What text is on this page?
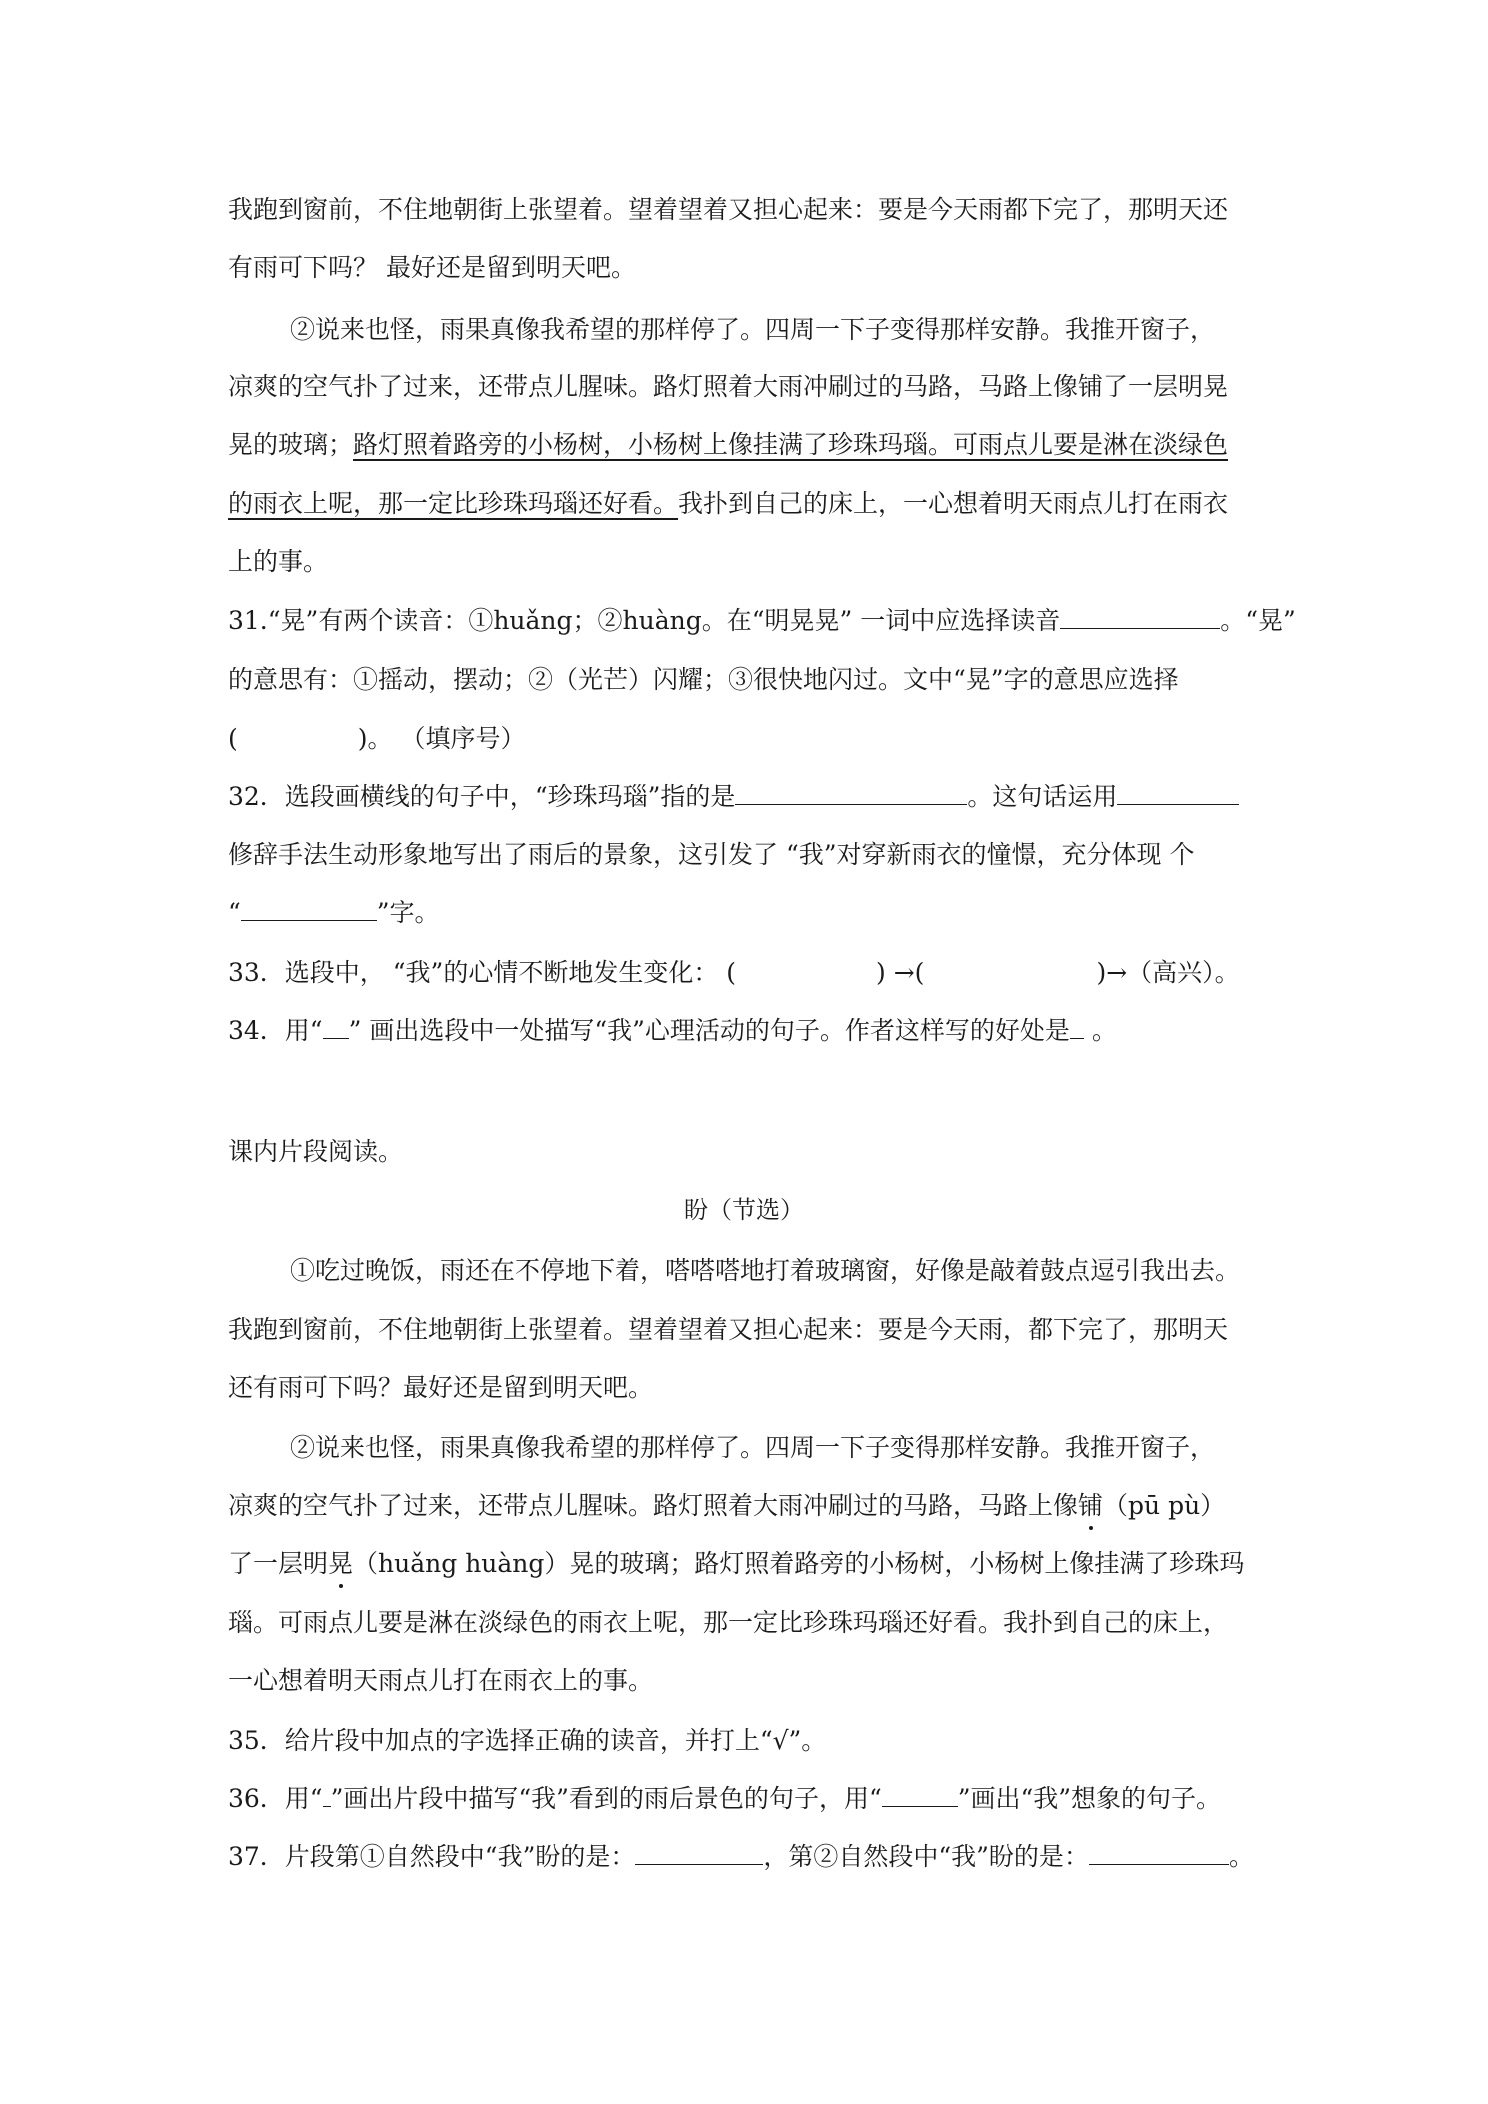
我跑到窗前，不住地朝街上张望着。望着望着又担心起来：要是今天雨都下完了，那明天还
有雨可下吗？ 最好还是留到明天吧。
②说来也怪，雨果真像我希望的那样停了。四周一下子变得那样安静。我推开窗子，
凉爽的空气扑了过来，还带点儿腥味。路灯照着大雨冲刷过的马路，马路上像铺了一层明晃
晃的玻璃；路灯照着路旁的小杨树，小杨树上像挂满了珍珠玛瑙。可雨点儿要是淋在淡绿色
的雨衣上呢，那一定比珍珠玛瑙还好看。我扑到自己的床上，一心想着明天雨点儿打在雨衣
上的事。
31.“晃”有两个读音：①huǎng；②huàng。在“明晃晃” 一词中应选择读音	。“晃”
的意思有：①摇动，摆动；②（光芒）闪耀；③很快地闪过。文中“晃”字的意思应选择
(	)。 （填序号）
32．选段画横线的句子中，“珍珠玛瑙”指的是	。这句话运用
修辞手法生动形象地写出了雨后的景象，这引发了 “我”对穿新雨衣的憧憬，充分体现 个
“	”字。
33．选段中， “我”的心情不断地发生变化： (	) →(	)→（高兴）。
34．用“ ” 画出选段中一处描写“我”心理活动的句子。作者这样写的好处是 。
课内片段阅读。
盼（节选）
①吃过晚饭，雨还在不停地下着，嗒嗒嗒地打着玻璃窗，好像是敲着鼓点逗引我出去。
我跑到窗前，不住地朝街上张望着。望着望着又担心起来：要是今天雨，都下完了，那明天
还有雨可下吗？最好还是留到明天吧。
②说来也怪，雨果真像我希望的那样停了。四周一下子变得那样安静。我推开窗子，
凉爽的空气扑了过来，还带点儿腥味。路灯照着大雨冲刷过的马路，马路上像铺（pū pù）
了一层明晃（huǎng huàng）晃的玻璃；路灯照着路旁的小杨树，小杨树上像挂满了珍珠玛
瑙。可雨点儿要是淋在淡绿色的雨衣上呢，那一定比珍珠玛瑙还好看。我扑到自己的床上，
一心想着明天雨点儿打在雨衣上的事。
35．给片段中加点的字选择正确的读音，并打上“√”。
36．用“ ”画出片段中描写“我”看到的雨后景色的句子，用“	”画出“我”想象的句子。
37．片段第①自然段中“我”盼的是：	，第②自然段中“我”盼的是：	。
